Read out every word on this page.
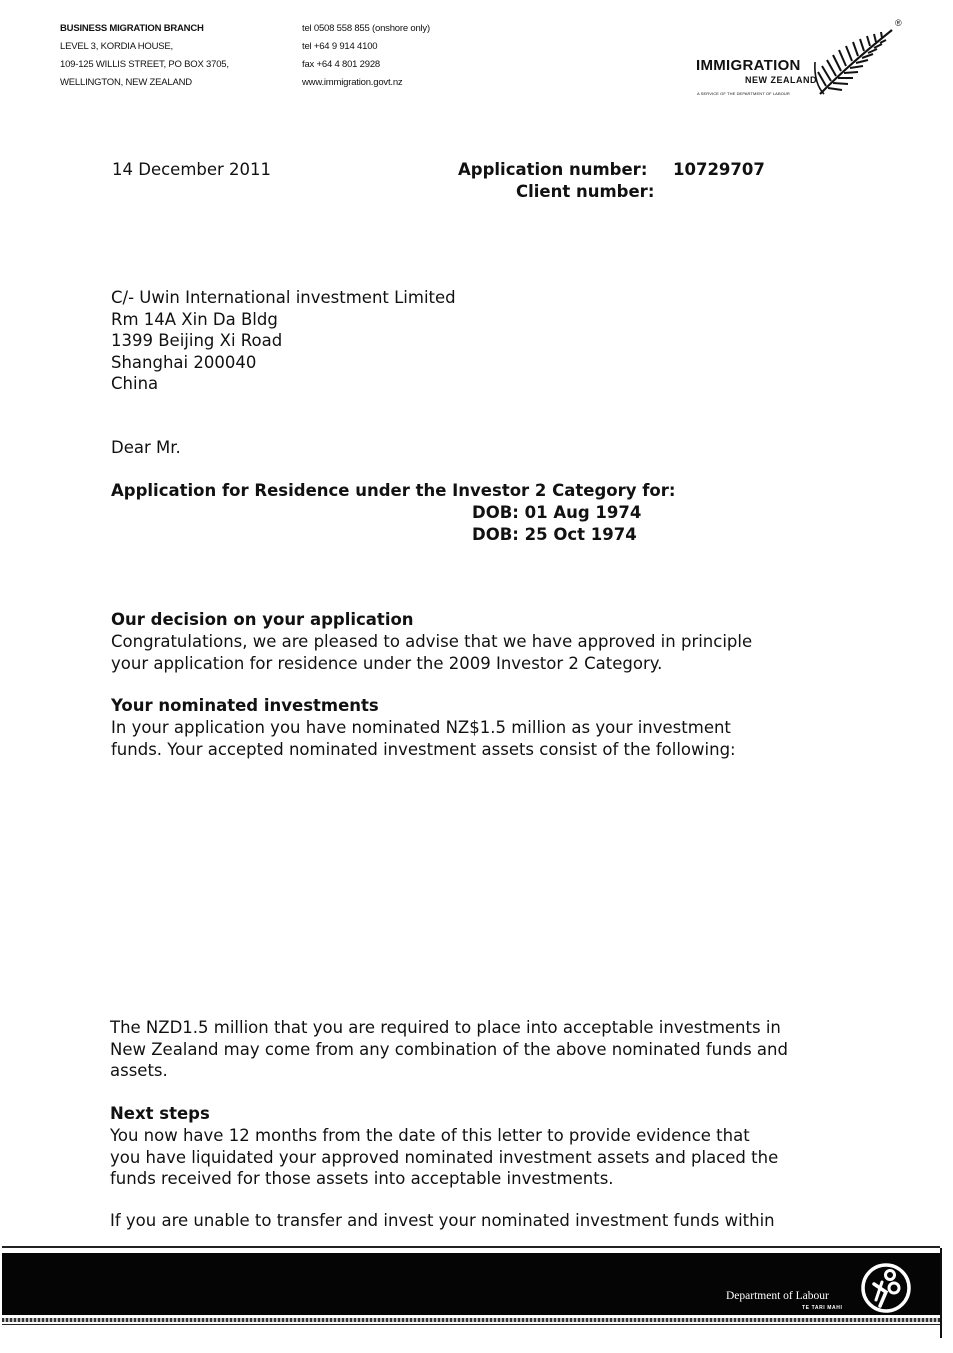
BUSINESS MIGRATION BRANCH
LEVEL 3, KORDIA HOUSE,
109-125 WILLIS STREET, PO BOX 3705,
WELLINGTON, NEW ZEALAND
tel 0508 558 855 (onshore only)
tel +64 9 914 4100
fax +64 4 801 2928
www.immigration.govt.nz
IMMIGRATION
NEW ZEALAND
A SERVICE OF THE DEPARTMENT OF LABOUR
®
14 December 2011	Application number: 10729707
Client number:
C/- Uwin International investment Limited
Rm 14A Xin Da Bldg
1399 Beijing Xi Road
Shanghai 200040
China
Dear Mr.
Application for Residence under the Investor 2 Category for:
DOB: 01 Aug 1974
DOB: 25 Oct 1974
Our decision on your application
Congratulations, we are pleased to advise that we have approved in principle
your application for residence under the 2009 Investor 2 Category.
Your nominated investments
In your application you have nominated NZ$1.5 million as your investment
funds. Your accepted nominated investment assets consist of the following:
The NZD1.5 million that you are required to place into acceptable investments in
New Zealand may come from any combination of the above nominated funds and
assets.
Next steps
You now have 12 months from the date of this letter to provide evidence that
you have liquidated your approved nominated investment assets and placed the
funds received for those assets into acceptable investments.
If you are unable to transfer and invest your nominated investment funds within
Department of Labour
TE TARI MAHI
